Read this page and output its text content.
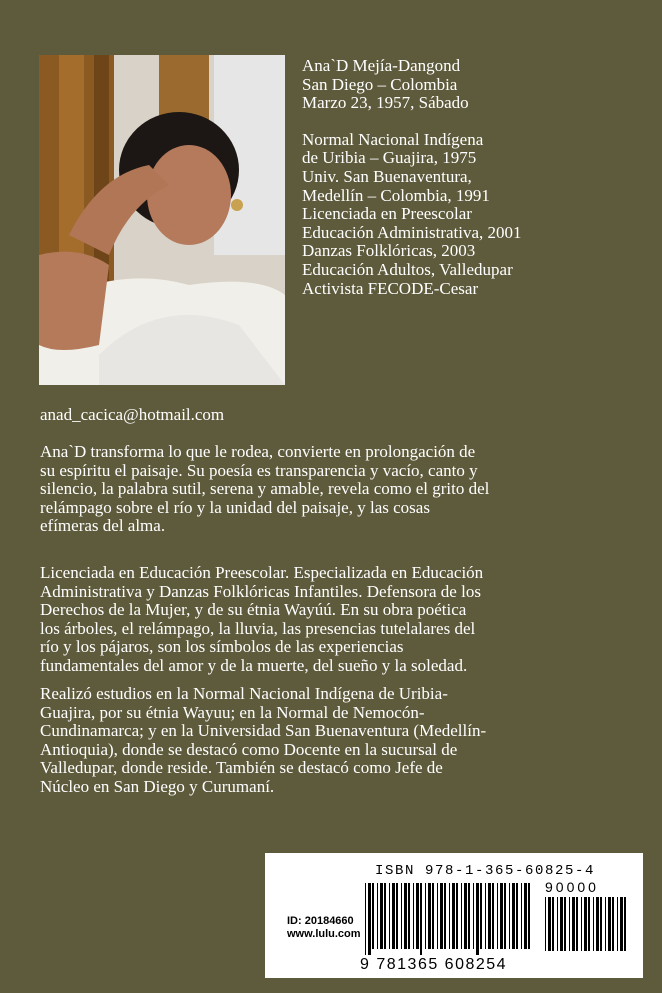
Ana`D Mejía-Dangond
San Diego – Colombia
Marzo 23, 1957, Sábado
Normal Nacional Indígena
de Uribia – Guajira, 1975
Univ. San Buenaventura,
Medellín – Colombia, 1991
Licenciada en Preescolar
Educación Administrativa, 2001
Danzas Folklóricas, 2003
Educación Adultos, Valledupar
Activista FECODE-Cesar
anad_cacica@hotmail.com

Ana`D transforma lo que le rodea, convierte en prolongación de
su espíritu el paisaje. Su poesía es transparencia y vacío, canto y
silencio, la palabra sutil, serena y amable, revela como el grito del
relámpago sobre el río y la unidad del paisaje, y las cosas
efímeras del alma.

Licenciada en Educación Preescolar. Especializada en Educación
Administrativa y Danzas Folklóricas Infantiles. Defensora de los
Derechos de la Mujer, y de su étnia Wayúú. En su obra poética
los árboles, el relámpago, la lluvia, las presencias tutelalares del
río y los pájaros, son los símbolos de las experiencias
fundamentales del amor y de la muerte, del sueño y la soledad.

Realizó estudios en la Normal Nacional Indígena de Uribia-
Guajira, por su étnia Wayuu; en la Normal de Nemocón-
Cundinamarca; y en la Universidad San Buenaventura (Medellín-
Antioquia), donde se destacó como Docente en la sucursal de
Valledupar, donde reside. También se destacó como Jefe de
Núcleo en San Diego y Curumaní.

ISBN 978-1-365-60825-4
90000
ID: 20184660
www.lulu.com
9 781365 608254
